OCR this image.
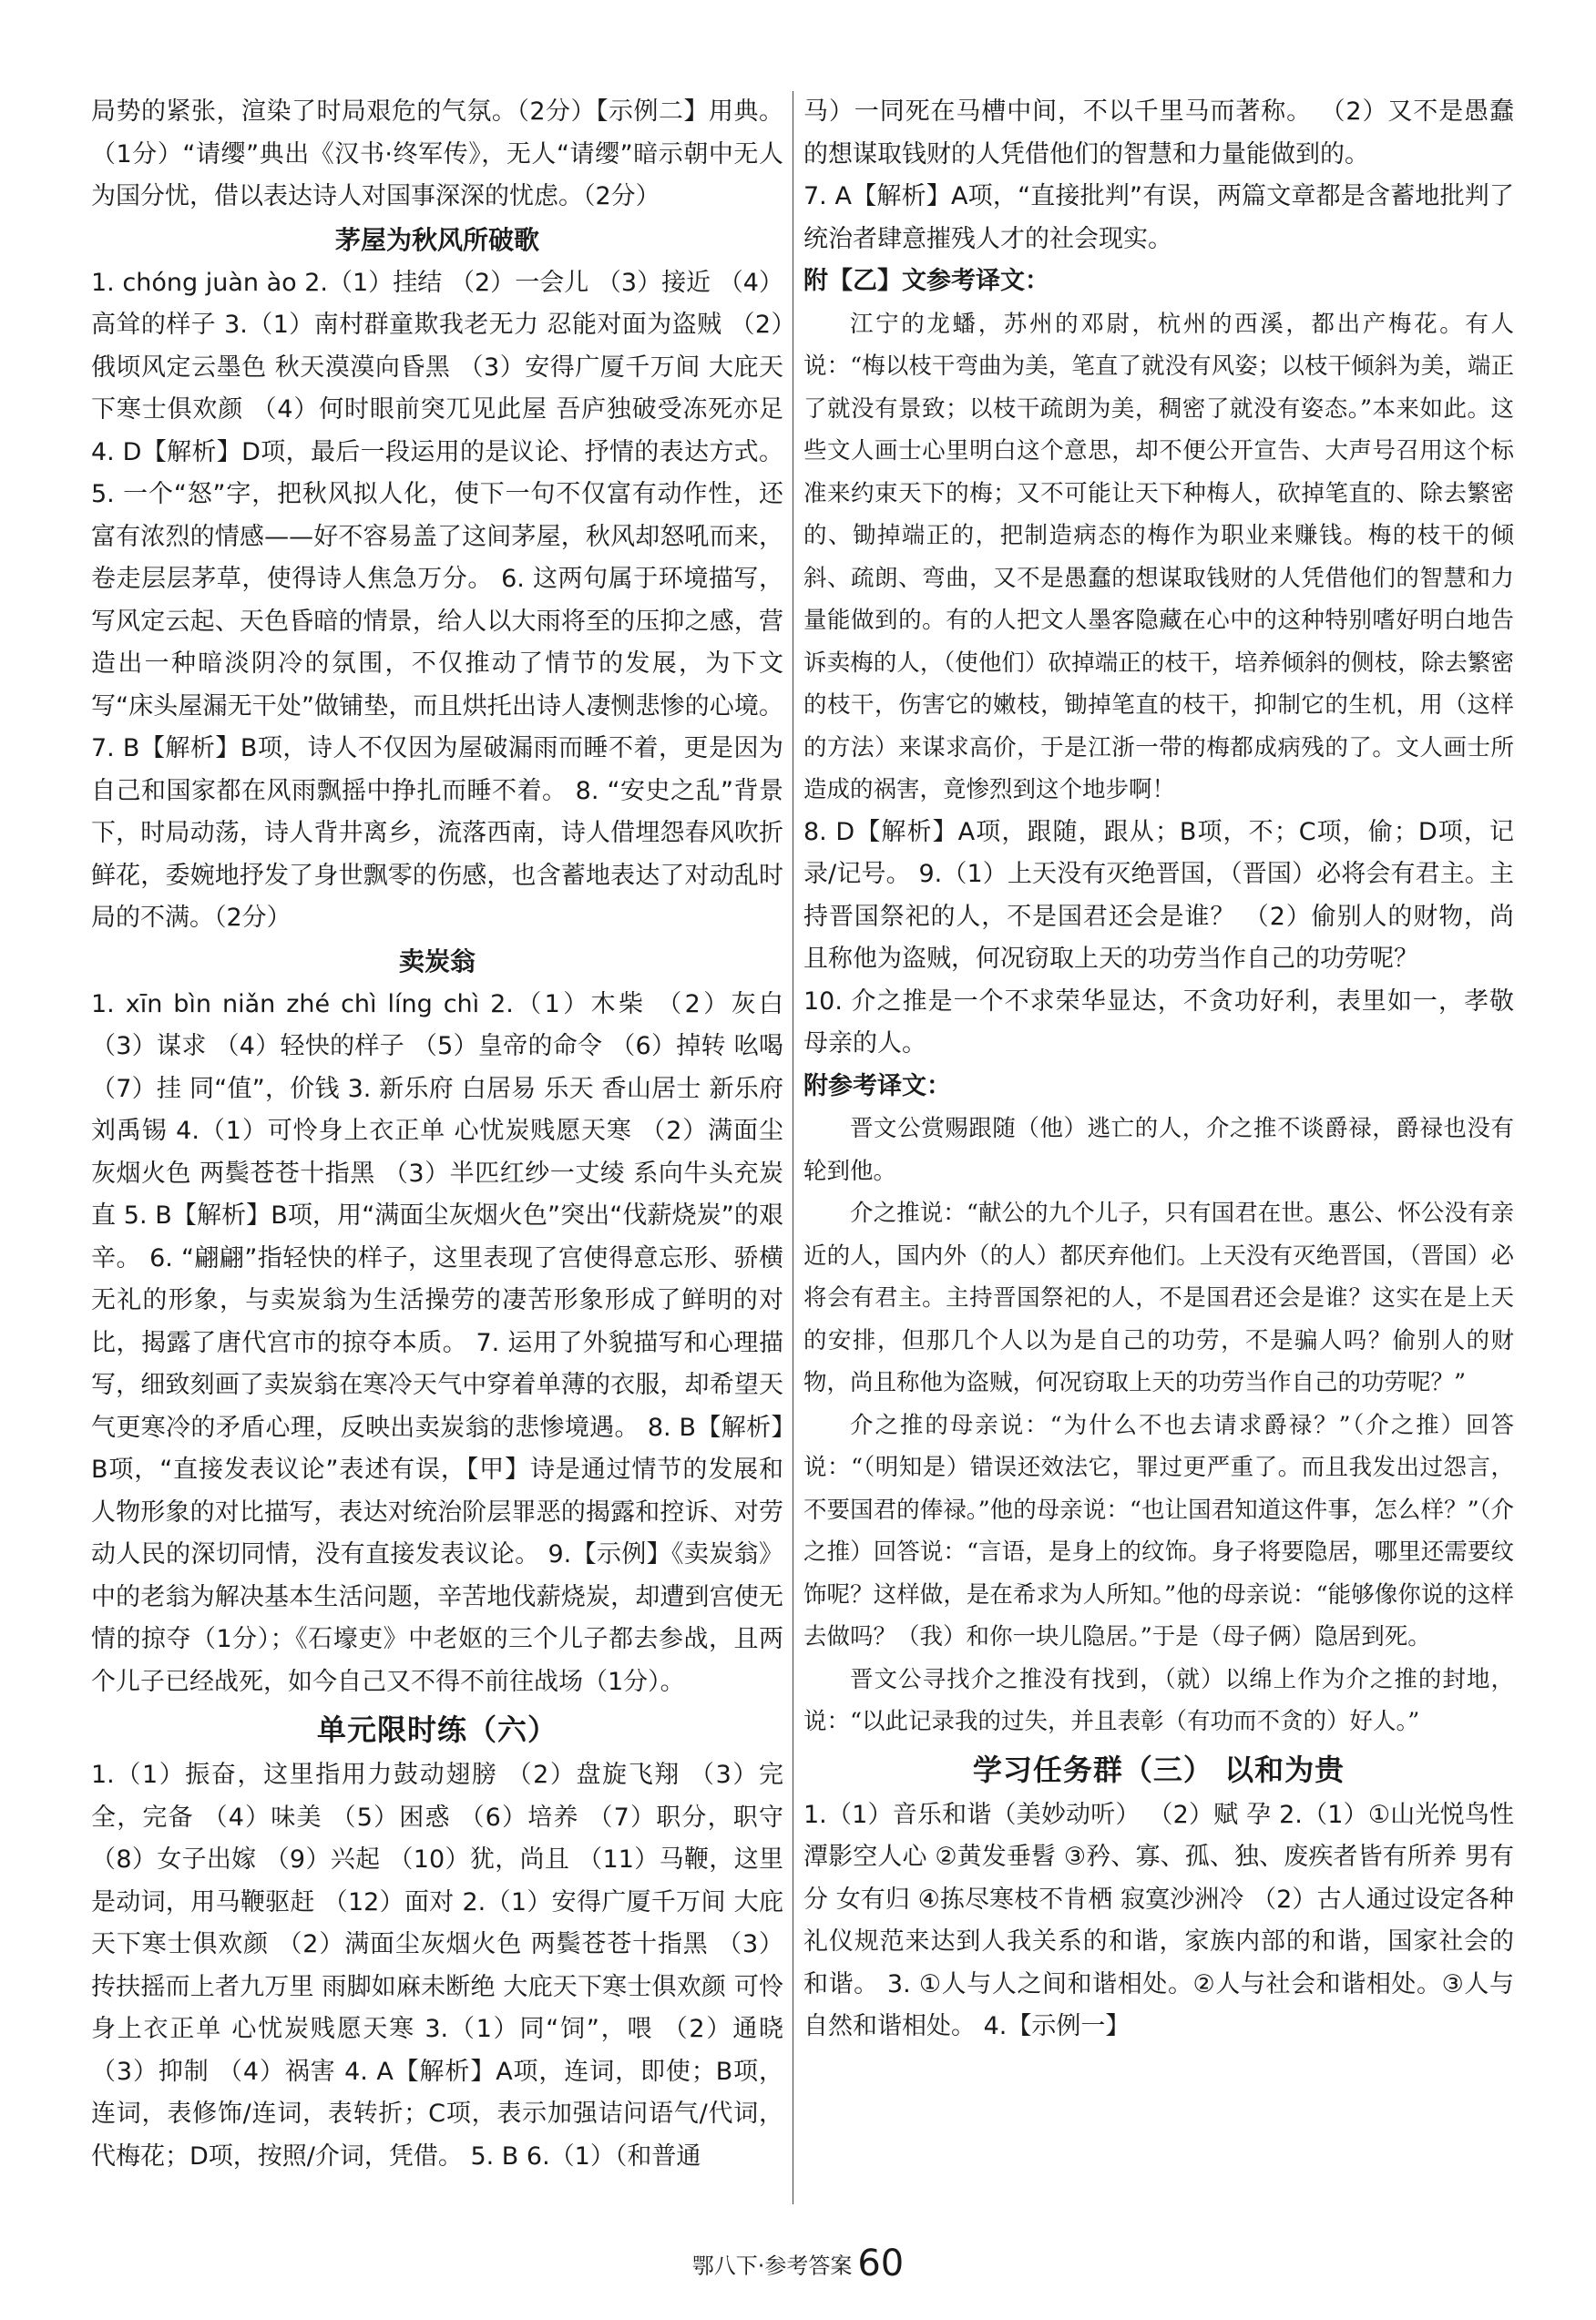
局势的紧张，渲染了时局艰危的气氛。（2分）【示例二】用典。（1分）“请缨”典出《汉书·终军传》，无人“请缨”暗示朝中无人为国分忧，借以表达诗人对国事深深的忧虑。（2分）

茅屋为秋风所破歌

1. chóng juàn ào 2.（1）挂结 （2）一会儿 （3）接近 （4）高耸的样子 3.（1）南村群童欺我老无力 忍能对面为盗贼 （2）俄顷风定云墨色 秋天漠漠向昏黑 （3）安得广厦千万间 大庇天下寒士俱欢颜 （4）何时眼前突兀见此屋 吾庐独破受冻死亦足 4. D【解析】D项，最后一段运用的是议论、抒情的表达方式。 5. 一个“怒”字，把秋风拟人化，使下一句不仅富有动作性，还富有浓烈的情感——好不容易盖了这间茅屋，秋风却怒吼而来，卷走层层茅草，使得诗人焦急万分。 6. 这两句属于环境描写，写风定云起、天色昏暗的情景，给人以大雨将至的压抑之感，营造出一种暗淡阴冷的氛围，不仅推动了情节的发展，为下文写“床头屋漏无干处”做铺垫，而且烘托出诗人凄恻悲惨的心境。 7. B【解析】B项，诗人不仅因为屋破漏雨而睡不着，更是因为自己和国家都在风雨飘摇中挣扎而睡不着。 8. “安史之乱”背景下，时局动荡，诗人背井离乡，流落西南，诗人借埋怨春风吹折鲜花，委婉地抒发了身世飘零的伤感，也含蓄地表达了对动乱时局的不满。（2分）

卖炭翁

1. xīn bìn niǎn zhé chì líng chì 2.（1）木柴 （2）灰白 （3）谋求 （4）轻快的样子 （5）皇帝的命令 （6）掉转 吆喝 （7）挂 同“值”，价钱 3. 新乐府 白居易 乐天 香山居士 新乐府 刘禹锡 4.（1）可怜身上衣正单 心忧炭贱愿天寒 （2）满面尘灰烟火色 两鬓苍苍十指黑 （3）半匹红纱一丈绫 系向牛头充炭直 5. B【解析】B项，用“满面尘灰烟火色”突出“伐薪烧炭”的艰辛。 6. “翩翩”指轻快的样子，这里表现了宫使得意忘形、骄横无礼的形象，与卖炭翁为生活操劳的凄苦形象形成了鲜明的对比，揭露了唐代宫市的掠夺本质。 7. 运用了外貌描写和心理描写，细致刻画了卖炭翁在寒冷天气中穿着单薄的衣服，却希望天气更寒冷的矛盾心理，反映出卖炭翁的悲惨境遇。 8. B【解析】B项，“直接发表议论”表述有误，【甲】诗是通过情节的发展和人物形象的对比描写，表达对统治阶层罪恶的揭露和控诉、对劳动人民的深切同情，没有直接发表议论。 9.【示例】《卖炭翁》中的老翁为解决基本生活问题，辛苦地伐薪烧炭，却遭到宫使无情的掠夺（1分）；《石壕吏》中老妪的三个儿子都去参战，且两个儿子已经战死，如今自己又不得不前往战场（1分）。

单元限时练（六）

1.（1）振奋，这里指用力鼓动翅膀 （2）盘旋飞翔 （3）完全，完备 （4）味美 （5）困惑 （6）培养 （7）职分，职守 （8）女子出嫁 （9）兴起 （10）犹，尚且 （11）马鞭，这里是动词，用马鞭驱赶 （12）面对 2.（1）安得广厦千万间 大庇天下寒士俱欢颜 （2）满面尘灰烟火色 两鬓苍苍十指黑 （3）抟扶摇而上者九万里 雨脚如麻未断绝 大庇天下寒士俱欢颜 可怜身上衣正单 心忧炭贱愿天寒 3.（1）同“饲”，喂 （2）通晓 （3）抑制 （4）祸害 4. A【解析】A项，连词，即使；B项，连词，表修饰/连词，表转折；C项，表示加强诘问语气/代词，代梅花；D项，按照/介词，凭借。 5. B 6.（1）（和普通

马）一同死在马槽中间，不以千里马而著称。 （2）又不是愚蠢的想谋取钱财的人凭借他们的智慧和力量能做到的。

7. A【解析】A项，“直接批判”有误，两篇文章都是含蓄地批判了统治者肆意摧残人才的社会现实。

附【乙】文参考译文：

江宁的龙蟠，苏州的邓尉，杭州的西溪，都出产梅花。有人说：“梅以枝干弯曲为美，笔直了就没有风姿；以枝干倾斜为美，端正了就没有景致；以枝干疏朗为美，稠密了就没有姿态。”本来如此。这些文人画士心里明白这个意思，却不便公开宣告、大声号召用这个标准来约束天下的梅；又不可能让天下种梅人，砍掉笔直的、除去繁密的、锄掉端正的，把制造病态的梅作为职业来赚钱。梅的枝干的倾斜、疏朗、弯曲，又不是愚蠢的想谋取钱财的人凭借他们的智慧和力量能做到的。有的人把文人墨客隐藏在心中的这种特别嗜好明白地告诉卖梅的人，（使他们）砍掉端正的枝干，培养倾斜的侧枝，除去繁密的枝干，伤害它的嫩枝，锄掉笔直的枝干，抑制它的生机，用（这样的方法）来谋求高价，于是江浙一带的梅都成病残的了。文人画士所造成的祸害，竟惨烈到这个地步啊！

8. D【解析】A项，跟随，跟从；B项，不；C项，偷；D项，记录/记号。 9.（1）上天没有灭绝晋国，（晋国）必将会有君主。主持晋国祭祀的人，不是国君还会是谁？ （2）偷别人的财物，尚且称他为盗贼，何况窃取上天的功劳当作自己的功劳呢？

10. 介之推是一个不求荣华显达，不贪功好利，表里如一，孝敬母亲的人。

附参考译文：

晋文公赏赐跟随（他）逃亡的人，介之推不谈爵禄，爵禄也没有轮到他。

介之推说：“献公的九个儿子，只有国君在世。惠公、怀公没有亲近的人，国内外（的人）都厌弃他们。上天没有灭绝晋国，（晋国）必将会有君主。主持晋国祭祀的人，不是国君还会是谁？这实在是上天的安排，但那几个人以为是自己的功劳，不是骗人吗？偷别人的财物，尚且称他为盗贼，何况窃取上天的功劳当作自己的功劳呢？”

介之推的母亲说：“为什么不也去请求爵禄？”（介之推）回答说：“（明知是）错误还效法它，罪过更严重了。而且我发出过怨言，不要国君的俸禄。”他的母亲说：“也让国君知道这件事，怎么样？”（介之推）回答说：“言语，是身上的纹饰。身子将要隐居，哪里还需要纹饰呢？这样做，是在希求为人所知。”他的母亲说：“能够像你说的这样去做吗？（我）和你一块儿隐居。”于是（母子俩）隐居到死。

晋文公寻找介之推没有找到，（就）以绵上作为介之推的封地，说：“以此记录我的过失，并且表彰（有功而不贪的）好人。”

学习任务群（三） 以和为贵

1.（1）音乐和谐（美妙动听） （2）赋 孕 2.（1）①山光悦鸟性 潭影空人心 ②黄发垂髫 ③矜、寡、孤、独、废疾者皆有所养 男有分 女有归 ④拣尽寒枝不肯栖 寂寞沙洲冷 （2）古人通过设定各种礼仪规范来达到人我关系的和谐，家族内部的和谐，国家社会的和谐。 3. ①人与人之间和谐相处。②人与社会和谐相处。③人与自然和谐相处。 4.【示例一】

鄂八下·参考答案 60
